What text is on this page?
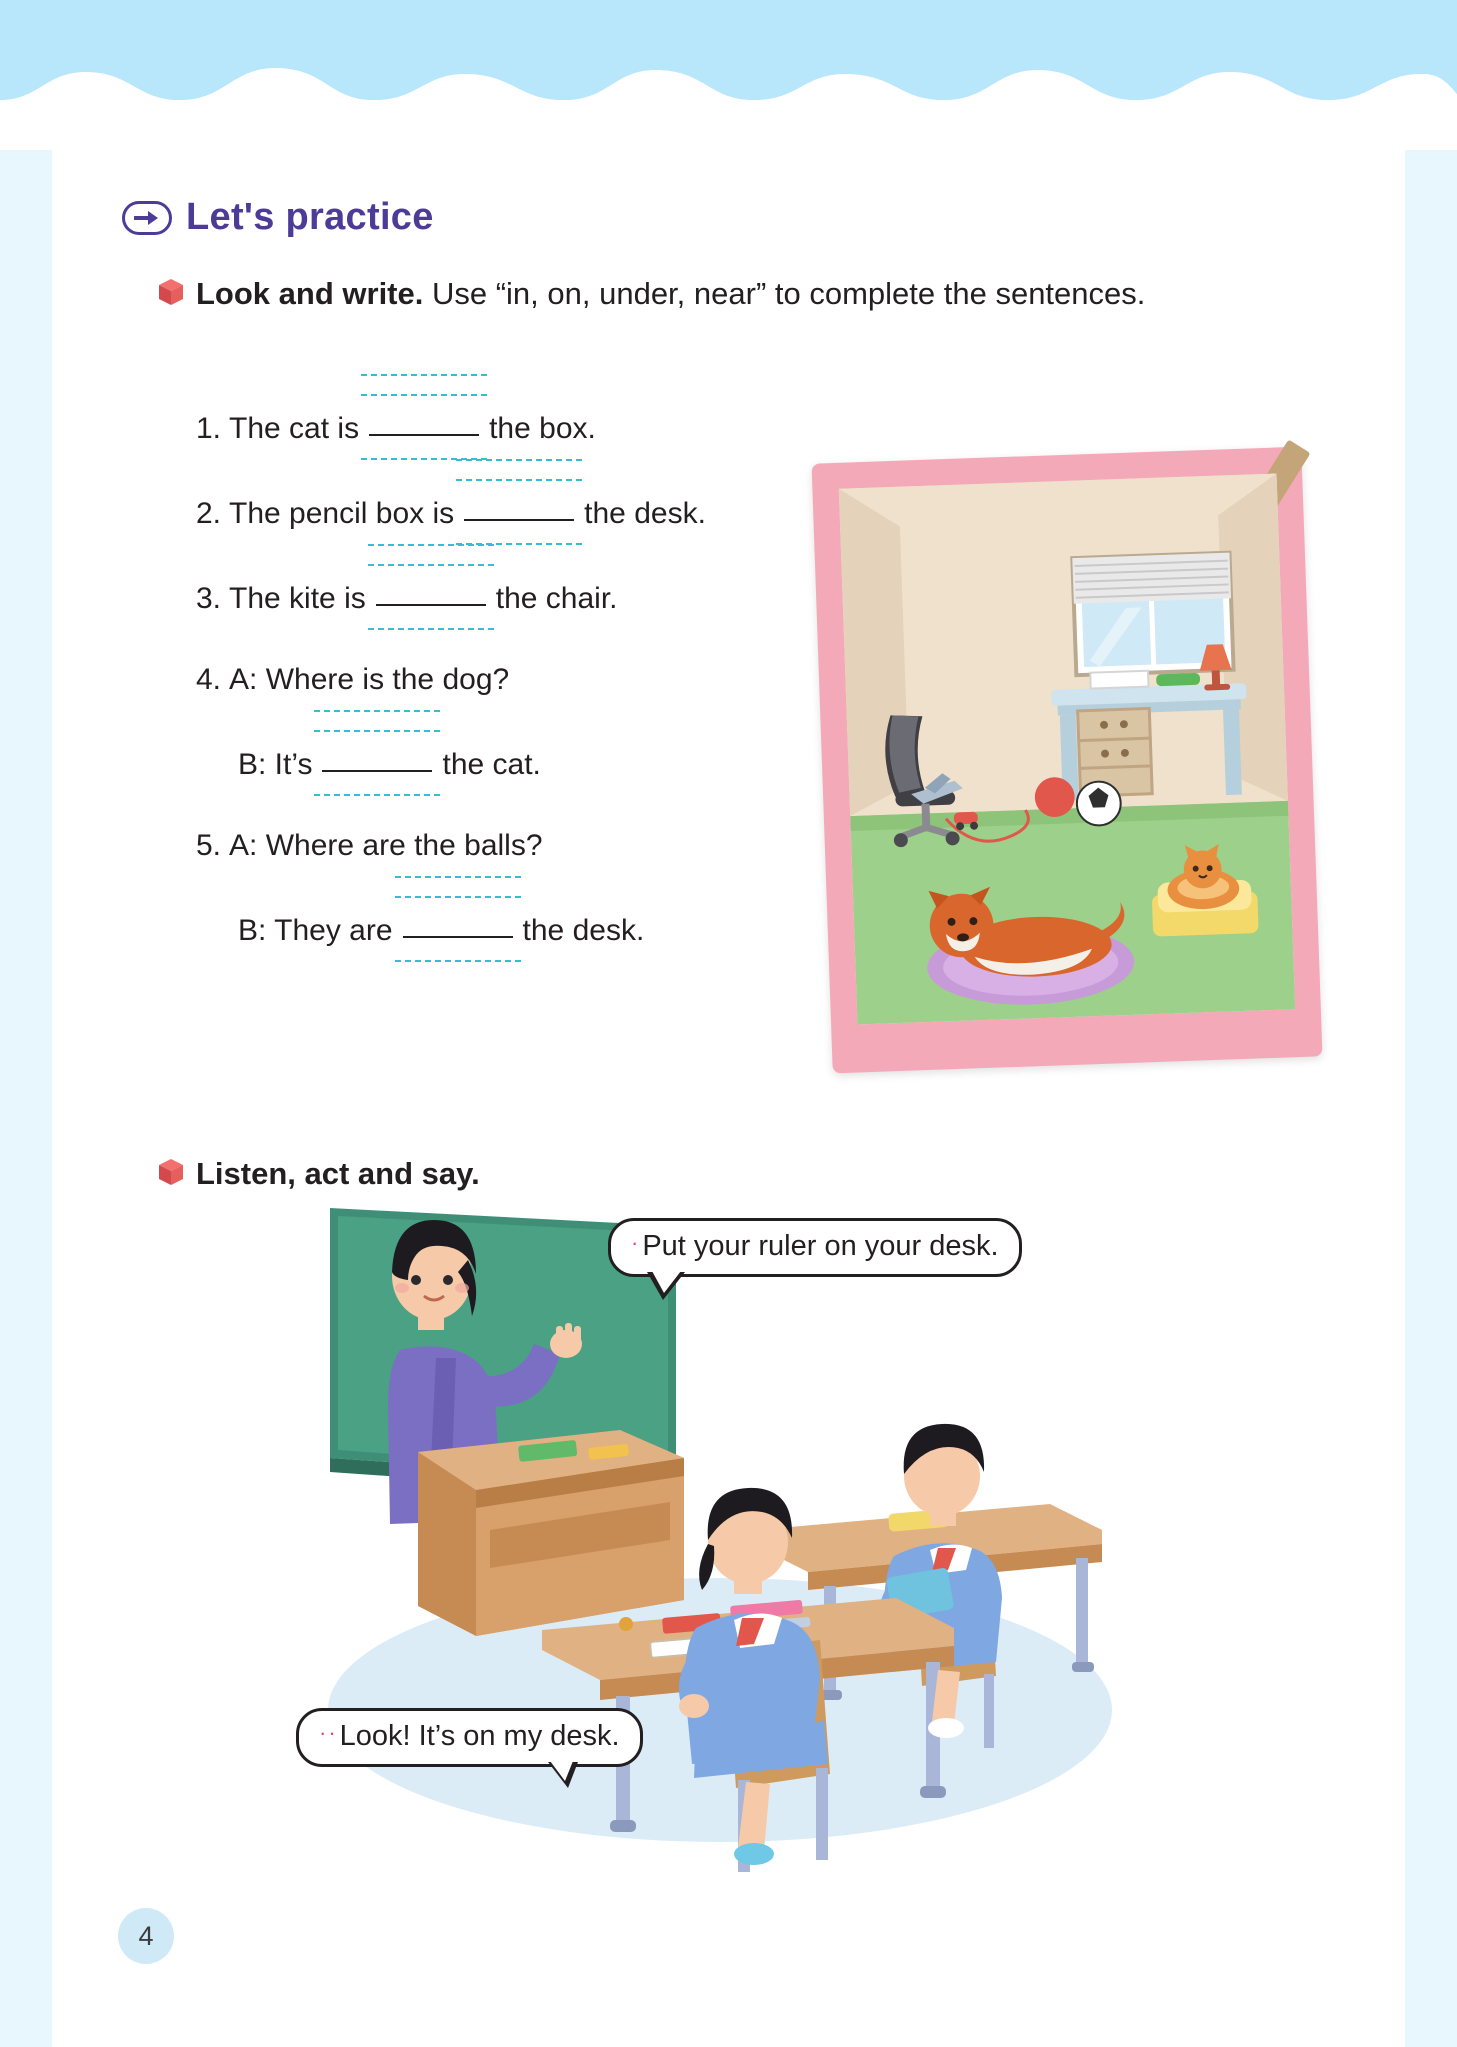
Let's practice
Look and write. Use “in, on, under, near” to complete the sentences.
1. The cat is	the box.
2. The pencil box is	the desk.
3. The kite is	the chair.
4. A: Where is the dog?
B: It’s	the cat.
5. A: Where are the balls?
B: They are	the desk.
Listen, act and say.
·Put your ruler on your desk.
··Look! It’s on my desk.
4
